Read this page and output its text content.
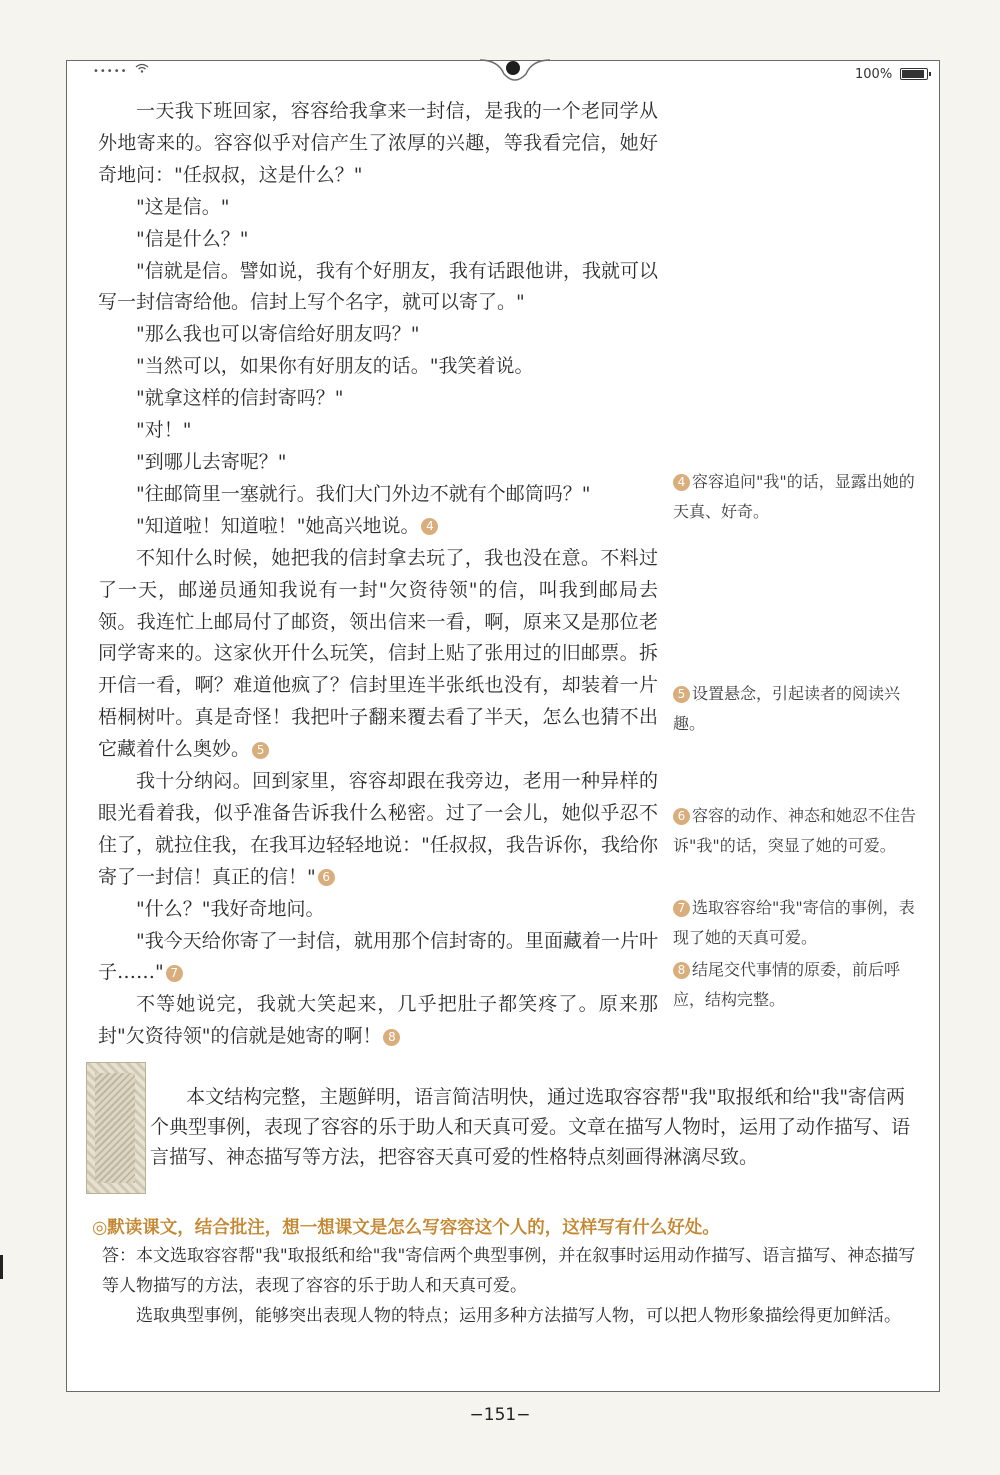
•••••	100%

一天我下班回家，容容给我拿来一封信，是我的一个老同学从外地寄来的。容容似乎对信产生了浓厚的兴趣，等我看完信，她好奇地问："任叔叔，这是什么？"

"这是信。"

"信是什么？"

"信就是信。譬如说，我有个好朋友，我有话跟他讲，我就可以写一封信寄给他。信封上写个名字，就可以寄了。"

"那么我也可以寄信给好朋友吗？"

"当然可以，如果你有好朋友的话。"我笑着说。

"就拿这样的信封寄吗？"

"对！"

"到哪儿去寄呢？"

"往邮筒里一塞就行。我们大门外边不就有个邮筒吗？"

"知道啦！知道啦！"她高兴地说。 4

不知什么时候，她把我的信封拿去玩了，我也没在意。不料过了一天，邮递员通知我说有一封"欠资待领"的信，叫我到邮局去领。我连忙上邮局付了邮资，领出信来一看，啊，原来又是那位老同学寄来的。这家伙开什么玩笑，信封上贴了张用过的旧邮票。拆开信一看，啊？难道他疯了？信封里连半张纸也没有，却装着一片梧桐树叶。真是奇怪！我把叶子翻来覆去看了半天，怎么也猜不出它藏着什么奥妙。 5

我十分纳闷。回到家里，容容却跟在我旁边，老用一种异样的眼光看着我，似乎准备告诉我什么秘密。过了一会儿，她似乎忍不住了，就拉住我，在我耳边轻轻地说："任叔叔，我告诉你，我给你寄了一封信！真正的信！" 6

"什么？"我好奇地问。

"我今天给你寄了一封信，就用那个信封寄的。里面藏着一片叶子……" 7

不等她说完，我就大笑起来，几乎把肚子都笑疼了。原来那封"欠资待领"的信就是她寄的啊！ 8

4 容容追问"我"的话，显露出她的天真、好奇。
5 设置悬念，引起读者的阅读兴趣。
6 容容的动作、神态和她忍不住告诉"我"的话，突显了她的可爱。
7 选取容容给"我"寄信的事例，表现了她的天真可爱。
8 结尾交代事情的原委，前后呼应，结构完整。

本文结构完整，主题鲜明，语言简洁明快，通过选取容容帮"我"取报纸和给"我"寄信两个典型事例，表现了容容的乐于助人和天真可爱。文章在描写人物时，运用了动作描写、语言描写、神态描写等方法，把容容天真可爱的性格特点刻画得淋漓尽致。

◎默读课文，结合批注，想一想课文是怎么写容容这个人的，这样写有什么好处。

答：本文选取容容帮"我"取报纸和给"我"寄信两个典型事例，并在叙事时运用动作描写、语言描写、神态描写等人物描写的方法，表现了容容的乐于助人和天真可爱。

选取典型事例，能够突出表现人物的特点；运用多种方法描写人物，可以把人物形象描绘得更加鲜活。

−151−
